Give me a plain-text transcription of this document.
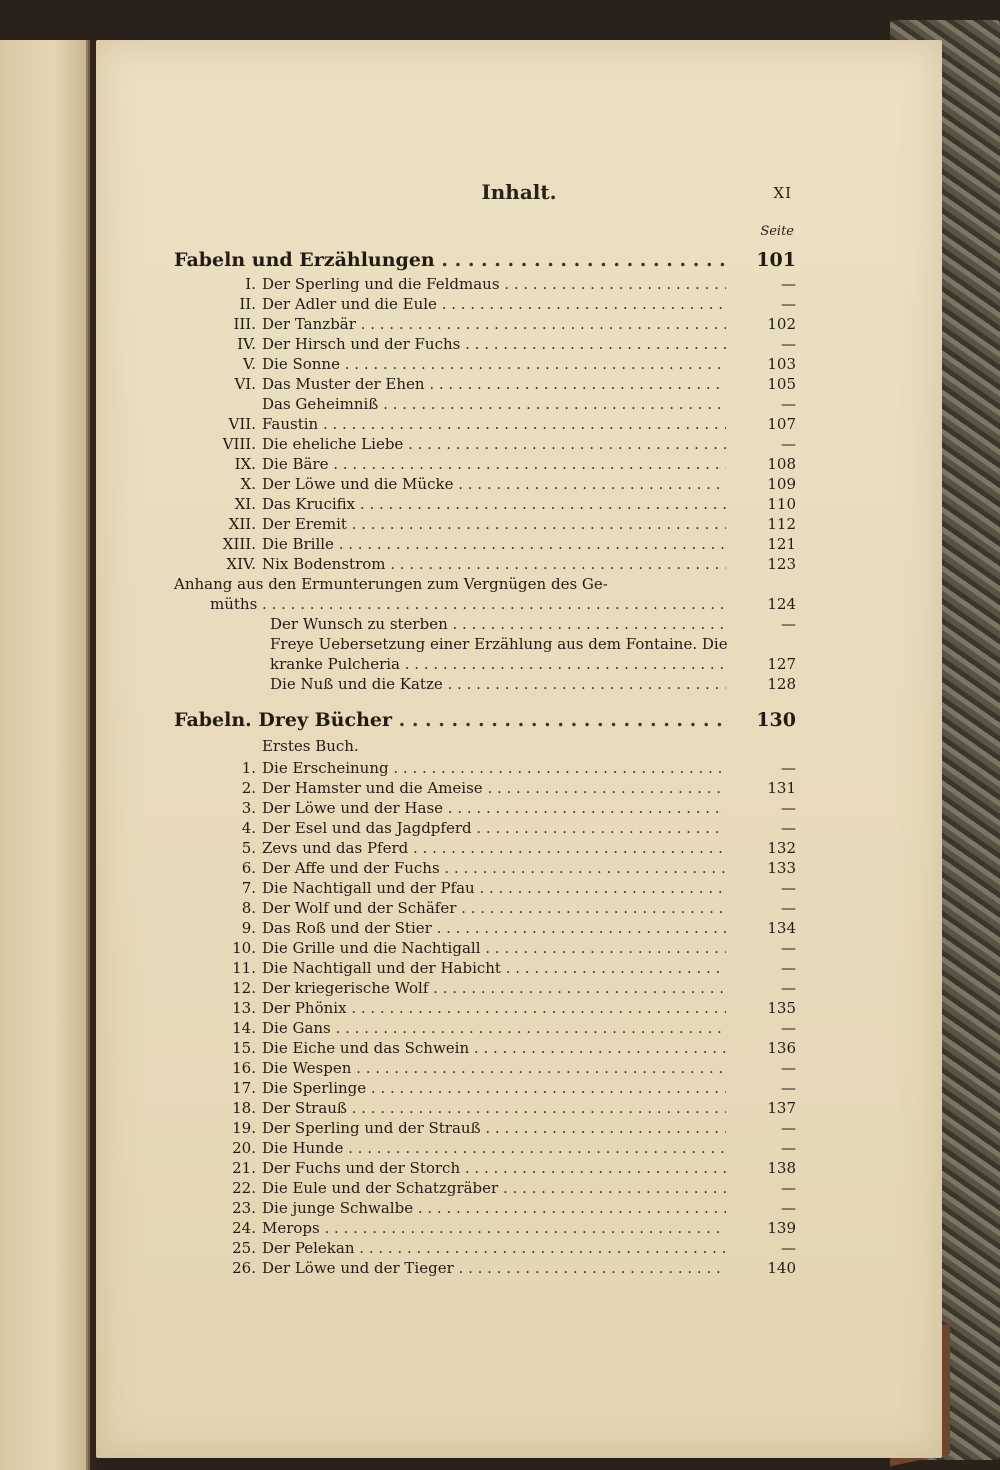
Inhalt.	XI
Seite
Fabeln und Erzählungen . . .	101
I. Der Sperling und die Feldmaus . . .	—
II. Der Adler und die Eule . . .	—
III. Der Tanzbär . . .	102
IV. Der Hirsch und der Fuchs . . .	—
V. Die Sonne . . .	103
VI. Das Muster der Ehen . . .	105
Das Geheimniß . . .	—
VII. Faustin . . .	107
VIII. Die eheliche Liebe . . .	—
IX. Die Bäre . . .	108
X. Der Löwe und die Mücke . . .	109
XI. Das Krucifix . . .	110
XII. Der Eremit . . .	112
XIII. Die Brille . . .	121
XIV. Nix Bodenstrom . . .	123
Anhang aus den Ermunterungen zum Vergnügen des Ge-
müths . . .	124
Der Wunsch zu sterben . . .	—
Freye Uebersetzung einer Erzählung aus dem Fontaine. Die
kranke Pulcheria . . .	127
Die Nuß und die Katze . . .	128
Fabeln. Drey Bücher . . .	130
Erstes Buch.
1. Die Erscheinung . . .	—
2. Der Hamster und die Ameise . . .	131
3. Der Löwe und der Hase . . .	—
4. Der Esel und das Jagdpferd . . .	—
5. Zevs und das Pferd . . .	132
6. Der Affe und der Fuchs . . .	133
7. Die Nachtigall und der Pfau . . .	—
8. Der Wolf und der Schäfer . . .	—
9. Das Roß und der Stier . . .	134
10. Die Grille und die Nachtigall . . .	—
11. Die Nachtigall und der Habicht . . .	—
12. Der kriegerische Wolf . . .	—
13. Der Phönix . . .	135
14. Die Gans . . .	—
15. Die Eiche und das Schwein . . .	136
16. Die Wespen . . .	—
17. Die Sperlinge . . .	—
18. Der Strauß . . .	137
19. Der Sperling und der Strauß . . .	—
20. Die Hunde . . .	—
21. Der Fuchs und der Storch . . .	138
22. Die Eule und der Schatzgräber . . .	—
23. Die junge Schwalbe . . .	—
24. Merops . . .	139
25. Der Pelekan . . .	—
26. Der Löwe und der Tieger . . .	140
